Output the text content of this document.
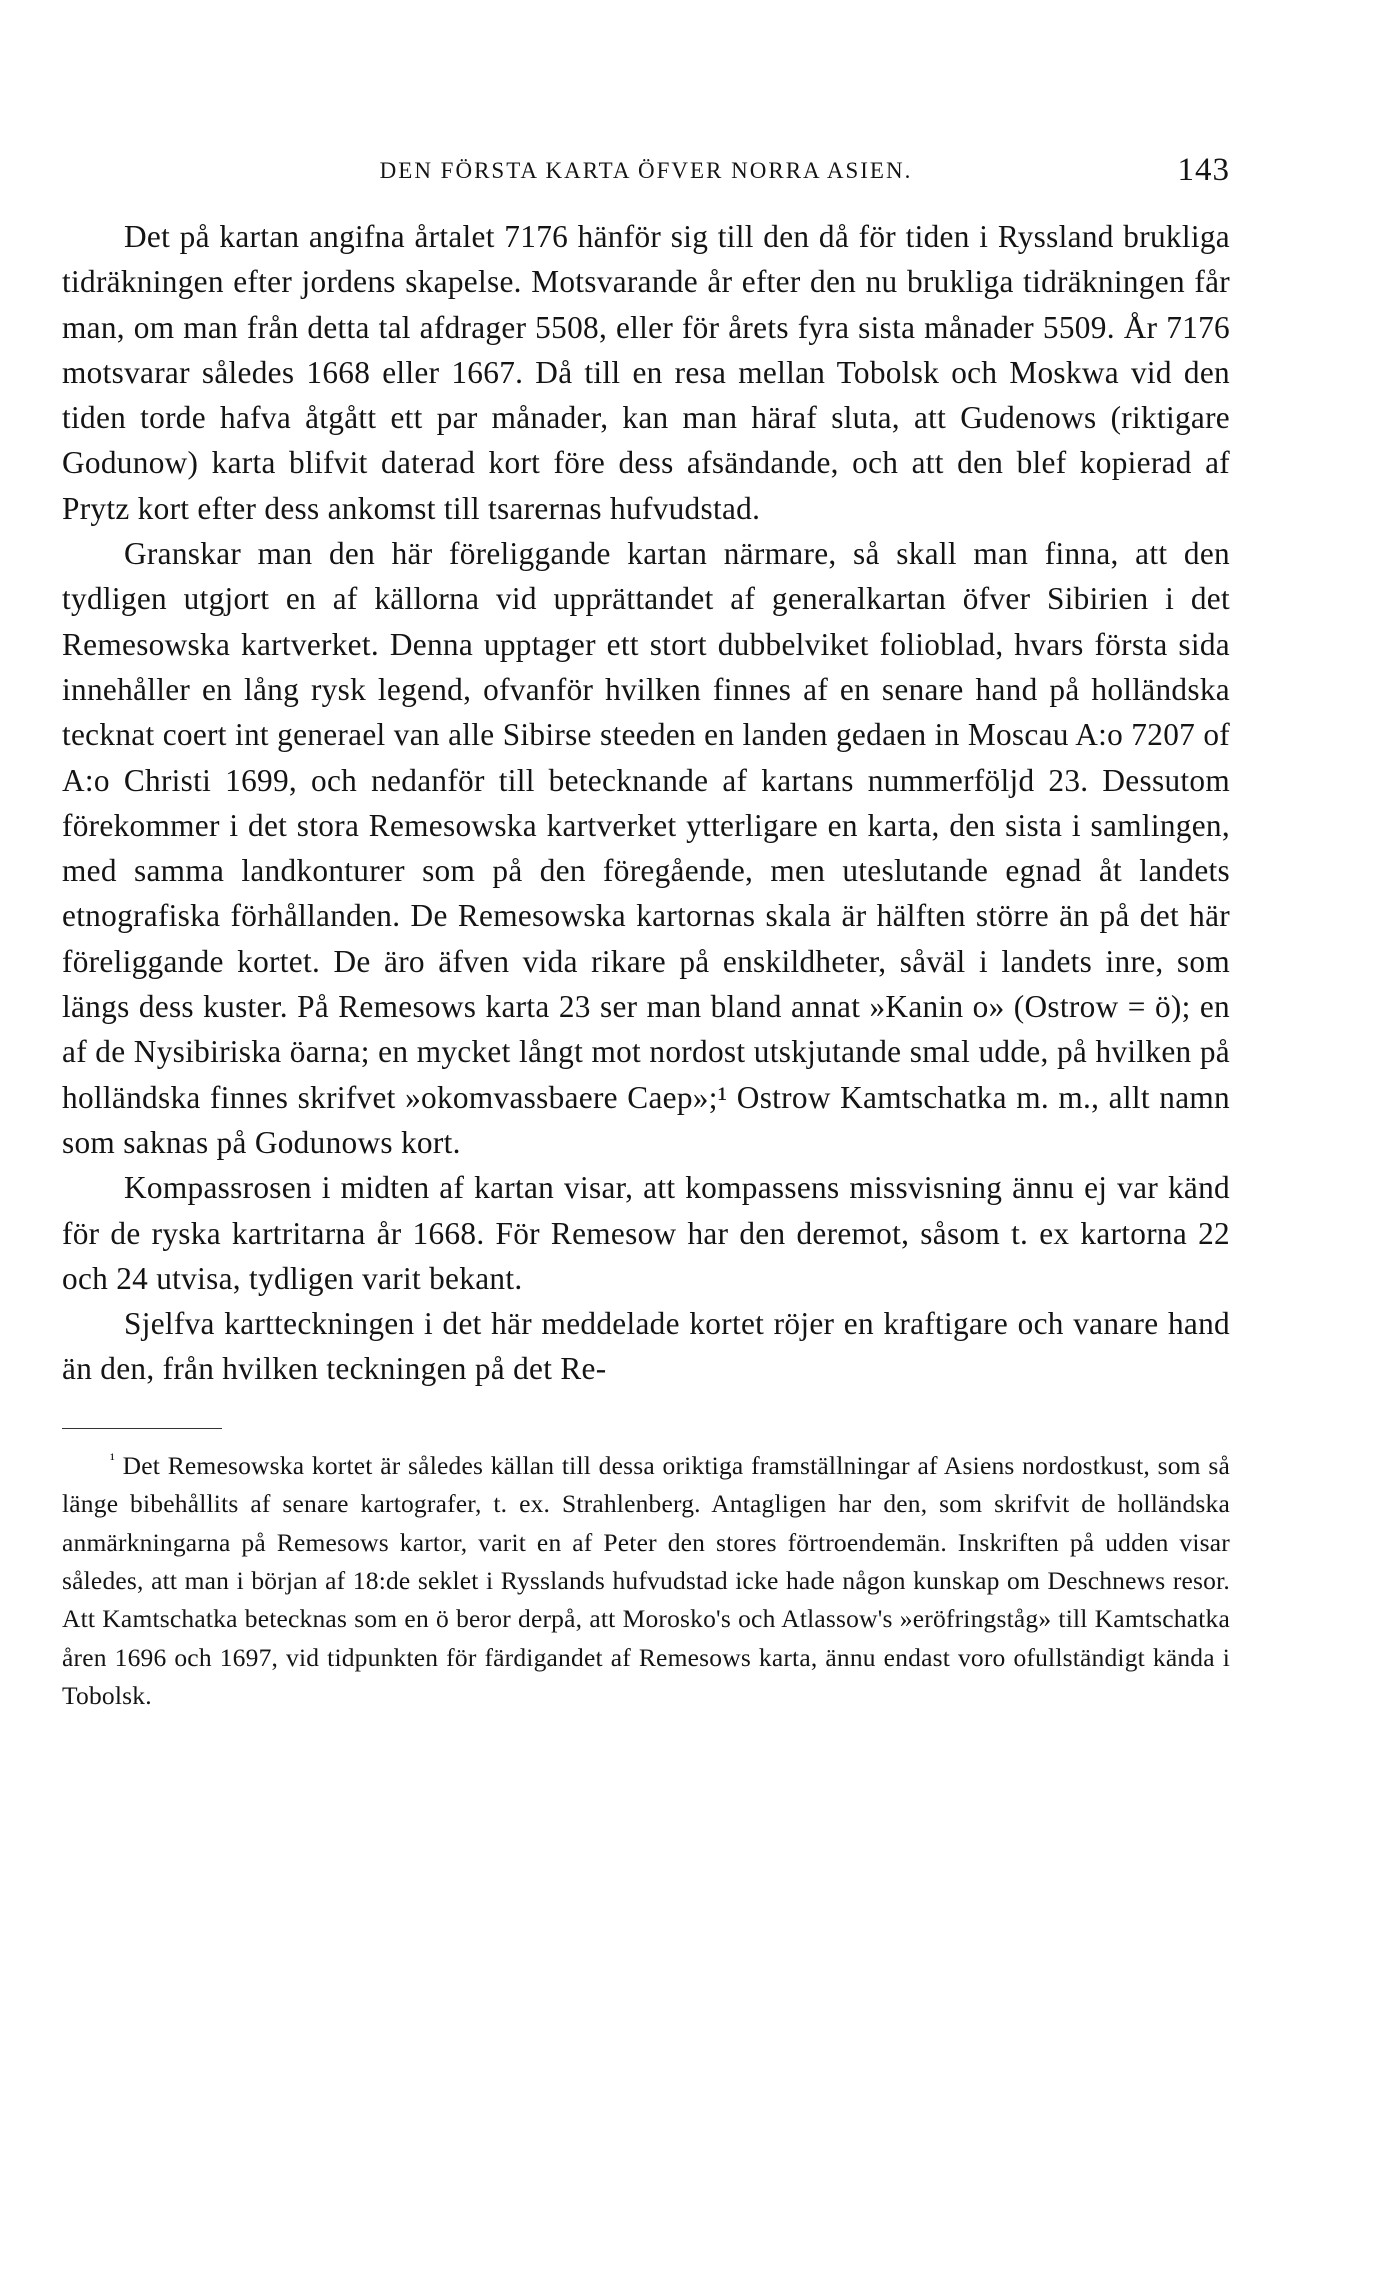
DEN FÖRSTA KARTA ÖFVER NORRA ASIEN.	143

Det på kartan angifna årtalet 7176 hänför sig till den då för tiden i Ryssland brukliga tidräkningen efter jordens skapelse. Motsvarande år efter den nu brukliga tidräkningen får man, om man från detta tal afdrager 5508, eller för årets fyra sista månader 5509. År 7176 motsvarar således 1668 eller 1667. Då till en resa mellan Tobolsk och Moskwa vid den tiden torde hafva åtgått ett par månader, kan man häraf sluta, att Gudenows (riktigare Godunow) karta blifvit daterad kort före dess afsändande, och att den blef kopierad af Prytz kort efter dess ankomst till tsarernas hufvudstad.

Granskar man den här föreliggande kartan närmare, så skall man finna, att den tydligen utgjort en af källorna vid upprättandet af generalkartan öfver Sibirien i det Remesowska kartverket. Denna upptager ett stort dubbelviket folioblad, hvars första sida innehåller en lång rysk legend, ofvanför hvilken finnes af en senare hand på holländska tecknat coert int generael van alle Sibirse steeden en landen gedaen in Moscau A:o 7207 of A:o Christi 1699, och nedanför till betecknande af kartans nummerföljd 23. Dessutom förekommer i det stora Remesowska kartverket ytterligare en karta, den sista i samlingen, med samma landkonturer som på den föregående, men uteslutande egnad åt landets etnografiska förhållanden. De Remesowska kartornas skala är hälften större än på det här föreliggande kortet. De äro äfven vida rikare på enskildheter, såväl i landets inre, som längs dess kuster. På Remesows karta 23 ser man bland annat »Kanin o» (Ostrow = ö); en af de Nysibiriska öarna; en mycket långt mot nordost utskjutande smal udde, på hvilken på holländska finnes skrifvet »okomvassbaere Caep»;¹ Ostrow Kamtschatka m. m., allt namn som saknas på Godunows kort.

Kompassrosen i midten af kartan visar, att kompassens missvisning ännu ej var känd för de ryska kartritarna år 1668. För Remesow har den deremot, såsom t. ex kartorna 22 och 24 utvisa, tydligen varit bekant.

Sjelfva kartteckningen i det här meddelade kortet röjer en kraftigare och vanare hand än den, från hvilken teckningen på det Re-

$^{^1}$ Det Remesowska kortet är således källan till dessa oriktiga framställningar af Asiens nordostkust, som så länge bibehållits af senare kartografer, t. ex. Strahlenberg. Antagligen har den, som skrifvit de holländska anmärkningarna på Remesows kartor, varit en af Peter den stores förtroendemän. Inskriften på udden visar således, att man i början af 18:de seklet i Rysslands hufvudstad icke hade någon kunskap om Deschnews resor. Att Kamtschatka betecknas som en ö beror derpå, att Morosko's och Atlassow's »eröfringståg» till Kamtschatka åren 1696 och 1697, vid tidpunkten för färdigandet af Remesows karta, ännu endast voro ofullständigt kända i Tobolsk.
